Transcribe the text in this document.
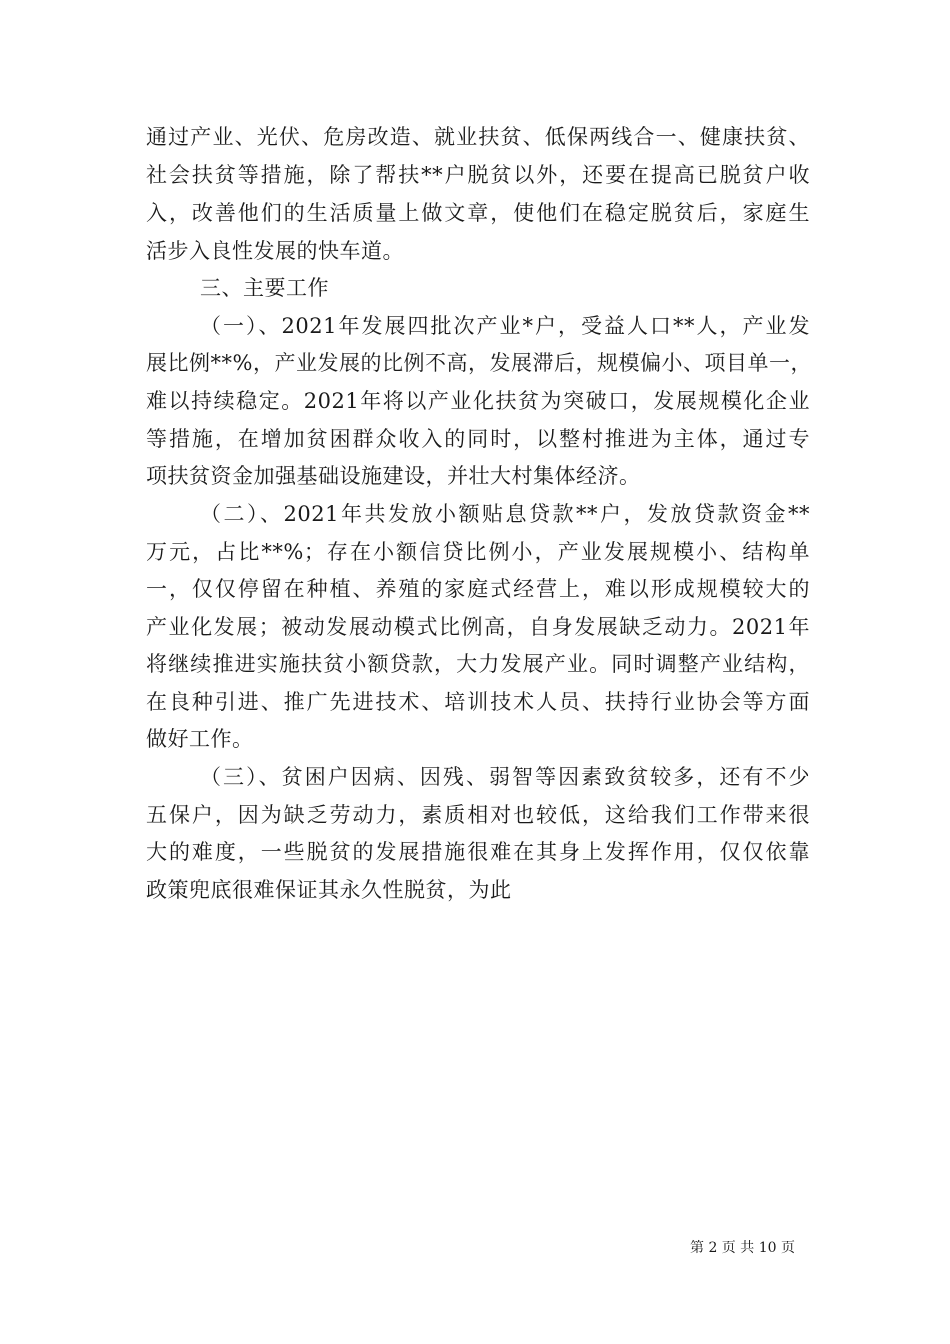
通过产业、光伏、危房改造、就业扶贫、低保两线合一、健康扶贫、
社会扶贫等措施，除了帮扶**户脱贫以外，还要在提高已脱贫户收
入，改善他们的生活质量上做文章，使他们在稳定脱贫后，家庭生
活步入良性发展的快车道。
三、主要工作
（一）、2021年发展四批次产业*户，受益人口**人，产业发
展比例**%，产业发展的比例不高，发展滞后，规模偏小、项目单一，
难以持续稳定。2021年将以产业化扶贫为突破口，发展规模化企业
等措施，在增加贫困群众收入的同时，以整村推进为主体，通过专
项扶贫资金加强基础设施建设，并壮大村集体经济。
（二）、2021年共发放小额贴息贷款**户，发放贷款资金**
万元，占比**%；存在小额信贷比例小，产业发展规模小、结构单
一，仅仅停留在种植、养殖的家庭式经营上，难以形成规模较大的
产业化发展；被动发展动模式比例高，自身发展缺乏动力。2021年
将继续推进实施扶贫小额贷款，大力发展产业。同时调整产业结构，
在良种引进、推广先进技术、培训技术人员、扶持行业协会等方面
做好工作。
（三）、贫困户因病、因残、弱智等因素致贫较多，还有不少
五保户，因为缺乏劳动力，素质相对也较低，这给我们工作带来很
大的难度，一些脱贫的发展措施很难在其身上发挥作用，仅仅依靠
政策兜底很难保证其永久性脱贫，为此
第 2 页 共 10 页
